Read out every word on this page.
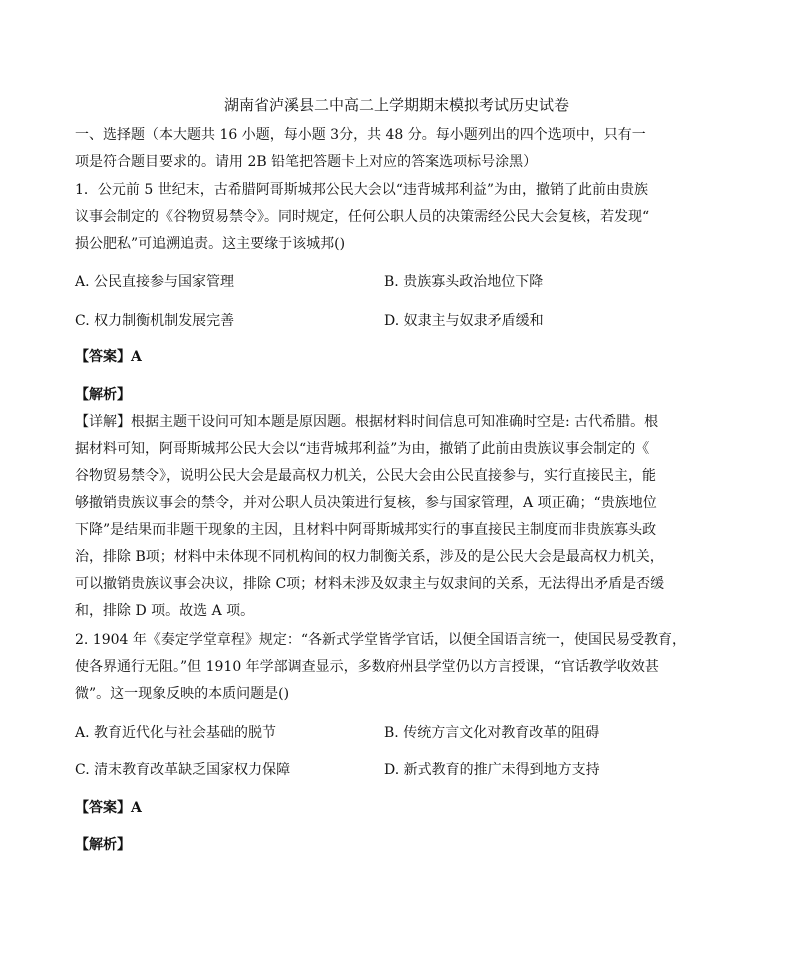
湖南省泸溪县二中高二上学期期末模拟考试历史试卷
一、选择题（本大题共 16 小题，每小题 3分，共 48 分。每小题列出的四个选项中，只有一
项是符合题目要求的。请用 2B 铅笔把答题卡上对应的答案选项标号涂黑）
1．公元前 5 世纪末，古希腊阿哥斯城邦公民大会以“违背城邦利益”为由，撤销了此前由贵族
议事会制定的《谷物贸易禁令》。同时规定，任何公职人员的决策需经公民大会复核，若发现“
损公肥私”可追溯追责。这主要缘于该城邦()
A. 公民直接参与国家管理	B. 贵族寡头政治地位下降
C. 权力制衡机制发展完善	D. 奴隶主与奴隶矛盾缓和
【答案】A
【解析】
【详解】根据主题干设问可知本题是原因题。根据材料时间信息可知准确时空是: 古代希腊。根
据材料可知，阿哥斯城邦公民大会以“违背城邦利益”为由，撤销了此前由贵族议事会制定的《
谷物贸易禁令》，说明公民大会是最高权力机关，公民大会由公民直接参与，实行直接民主，能
够撤销贵族议事会的禁令，并对公职人员决策进行复核，参与国家管理，A 项正确；“贵族地位
下降”是结果而非题干现象的主因，且材料中阿哥斯城邦实行的事直接民主制度而非贵族寡头政
治，排除 B项；材料中未体现不同机构间的权力制衡关系，涉及的是公民大会是最高权力机关，
可以撤销贵族议事会决议，排除 C项；材料未涉及奴隶主与奴隶间的关系，无法得出矛盾是否缓
和，排除 D 项。故选 A 项。
2. 1904 年《奏定学堂章程》规定：“各新式学堂皆学官话，以便全国语言统一，使国民易受教育，
使各界通行无阻。”但 1910 年学部调查显示，多数府州县学堂仍以方言授课，“官话教学收效甚
微”。这一现象反映的本质问题是()
A. 教育近代化与社会基础的脱节	B. 传统方言文化对教育改革的阻碍
C. 清末教育改革缺乏国家权力保障	D. 新式教育的推广未得到地方支持
【答案】A
【解析】
